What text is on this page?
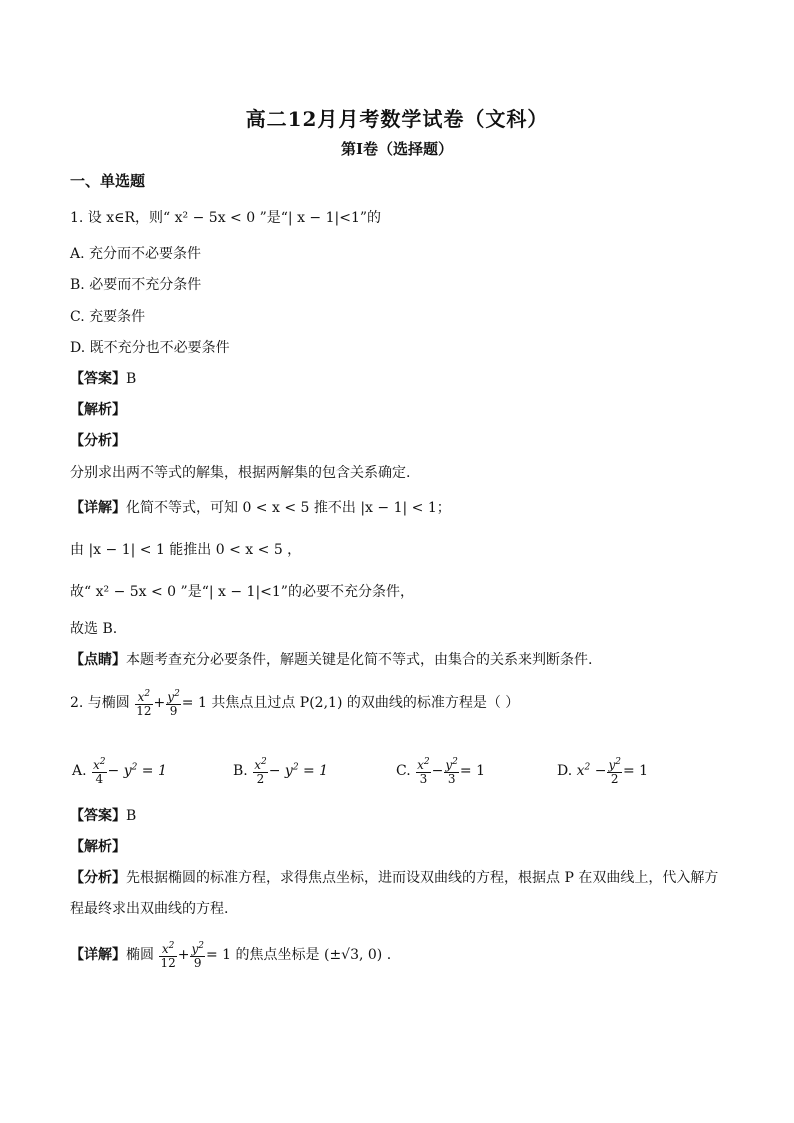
高二12月月考数学试卷（文科）
第I卷（选择题）
一、单选题
1. 设 x∈R，则“ x² − 5x < 0 ”是“| x − 1|<1”的
A. 充分而不必要条件
B. 必要而不充分条件
C. 充要条件
D. 既不充分也不必要条件
【答案】B
【解析】
【分析】
分别求出两不等式的解集，根据两解集的包含关系确定.
【详解】化简不等式，可知 0 < x < 5 推不出 |x − 1| < 1；
由 |x − 1| < 1 能推出 0 < x < 5 ，
故“ x² − 5x < 0 ”是“| x − 1|<1”的必要不充分条件，
故选 B.
【点睛】本题考查充分必要条件，解题关键是化简不等式，由集合的关系来判断条件.
2. 与椭圆 $\frac{x^2}{12} + \frac{y^2}{9} = 1$ 共焦点且过点 P(2,1) 的双曲线的标准方程是（ ）
A. $\frac{x^2}{4} - y^2 = 1$	B. $\frac{x^2}{2} - y^2 = 1$	C. $\frac{x^2}{3} - \frac{y^2}{3} = 1$	D. $x^2 - \frac{y^2}{2} = 1$
【答案】B
【解析】
【分析】先根据椭圆的标准方程，求得焦点坐标，进而设双曲线的方程，根据点 P 在双曲线上，代入解方
程最终求出双曲线的方程.
【详解】椭圆 $\frac{x^2}{12} + \frac{y^2}{9} = 1$ 的焦点坐标是 (±√3, 0) .
